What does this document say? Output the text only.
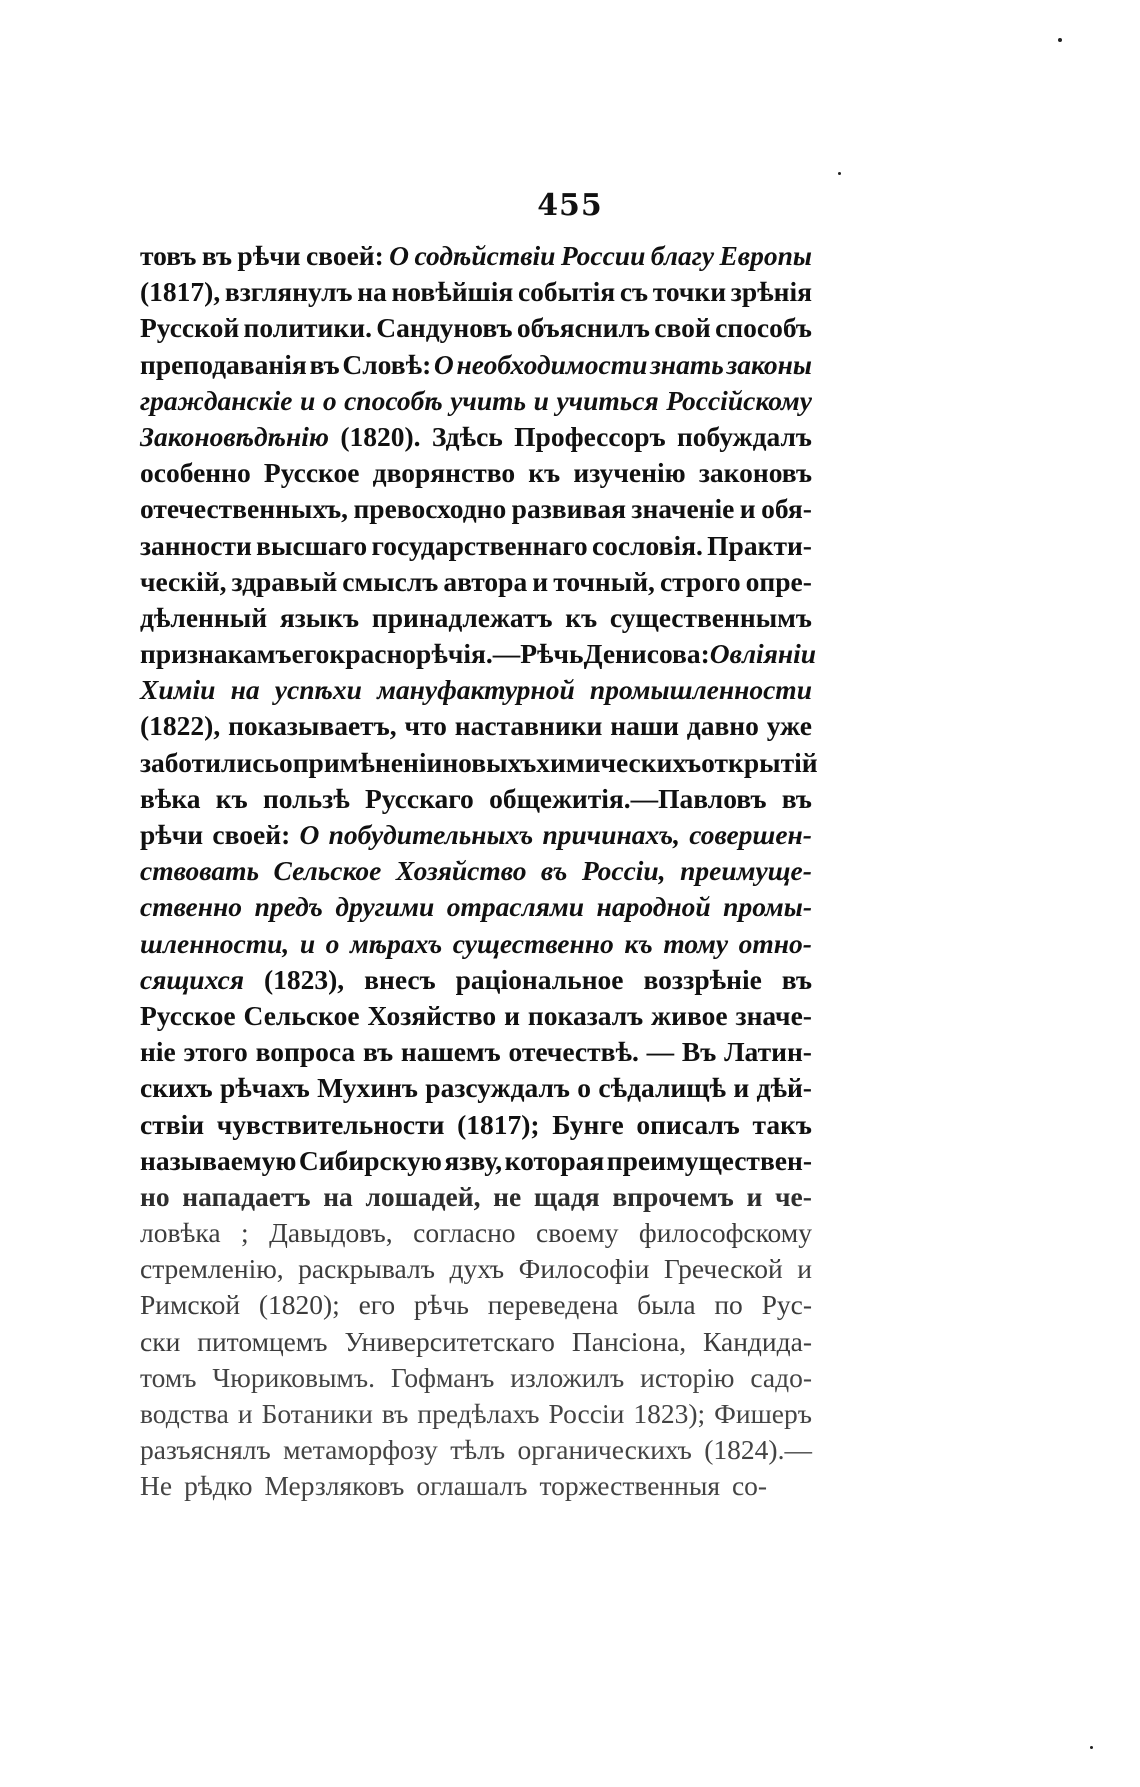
455
товъ въ рѣчи своей: О содѣйствіи России благу Европы
(1817), взглянулъ на новѣйшія событія съ точки зрѣнія
Русской политики. Сандуновъ объяснилъ свой способъ
преподаванія въ Словѣ: О необходимости знать законы
гражданскіе и о способѣ учить и учиться Россійскому
Законовѣдѣнію (1820). Здѣсь Профессоръ побуждалъ
особенно Русское дворянство къ изученію законовъ
отечественныхъ, превосходно развивая значеніе и обя-
занности высшаго государственнаго сословія. Практи-
ческій, здравый смыслъ автора и точный, строго опре-
дѣленный языкъ принадлежатъ къ существеннымъ
признакамъ его краснорѣчія.—Рѣчь Денисова: О вліяніи
Химіи на успѣхи мануфактурной промышленности
(1822), показываетъ, что наставники наши давно уже
заботились о примѣненіи новыхъ химическихъ открытій
вѣка къ пользѣ Русскаго общежитія.—Павловъ въ
рѣчи своей: О побудительныхъ причинахъ, совершен-
ствовать Сельское Хозяйство въ Россіи, преимуще-
ственно предъ другими отраслями народной промы-
шленности, и о мѣрахъ существенно къ тому отно-
сящихся (1823), внесъ раціональное воззрѣніе въ
Русское Сельское Хозяйство и показалъ живое значе-
ніе этого вопроса въ нашемъ отечествѣ. — Въ Латин-
скихъ рѣчахъ Мухинъ разсуждалъ о сѣдалищѣ и дѣй-
ствіи чувствительности (1817); Бунге описалъ такъ
называемую Сибирскую язву, которая преимуществен-
но нападаетъ на лошадей, не щадя впрочемъ и че-
ловѣка ; Давыдовъ, согласно своему философскому
стремленію, раскрывалъ духъ Философіи Греческой и
Римской (1820); его рѣчь переведена была по Рус-
ски питомцемъ Университетскаго Пансіона, Кандида-
томъ Чюриковымъ. Гофманъ изложилъ исторію садо-
водства и Ботаники въ предѣлахъ Россіи 1823); Фишеръ
разъяснялъ метаморфозу тѣлъ органическихъ (1824).—
Не рѣдко Мерзляковъ оглашалъ торжественныя со-
